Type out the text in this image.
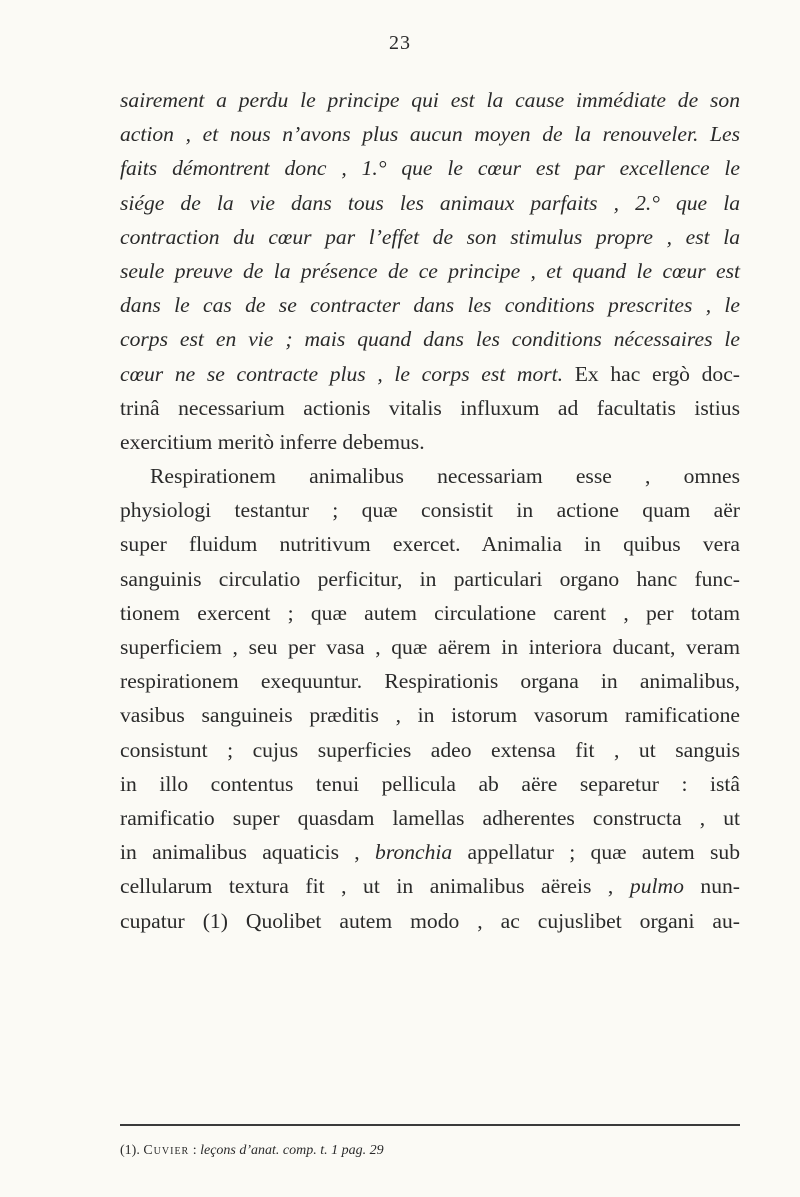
23
sairement a perdu le principe qui est la cause immédiate de son
action , et nous n’avons plus aucun moyen de la renouveler. Les
faits démontrent donc , 1.° que le cœur est par excellence le
siége de la vie dans tous les animaux parfaits , 2.° que la
contraction du cœur par l’effet de son stimulus propre , est la
seule preuve de la présence de ce principe , et quand le cœur est
dans le cas de se contracter dans les conditions prescrites , le
corps est en vie ; mais quand dans les conditions nécessaires le
cœur ne se contracte plus , le corps est mort. Ex hac ergò doc-
trinâ necessarium actionis vitalis influxum ad facultatis istius
exercitium meritò inferre debemus.
Respirationem animalibus necessariam esse , omnes
physiologi testantur ; quæ consistit in actione quam aër
super fluidum nutritivum exercet. Animalia in quibus vera
sanguinis circulatio perficitur, in particulari organo hanc func-
tionem exercent ; quæ autem circulatione carent , per totam
superficiem , seu per vasa , quæ aërem in interiora ducant, veram
respirationem exequuntur. Respirationis organa in animalibus,
vasibus sanguineis præditis , in istorum vasorum ramificatione
consistunt ; cujus superficies adeo extensa fit , ut sanguis
in illo contentus tenui pellicula ab aëre separetur : istâ
ramificatio super quasdam lamellas adherentes constructa , ut
in animalibus aquaticis , bronchia appellatur ; quæ autem sub
cellularum textura fit , ut in animalibus aëreis , pulmo nun-
cupatur (1) Quolibet autem modo , ac cujuslibet organi au-
(1). Cuvier : leçons d’anat. comp. t. 1 pag. 29
